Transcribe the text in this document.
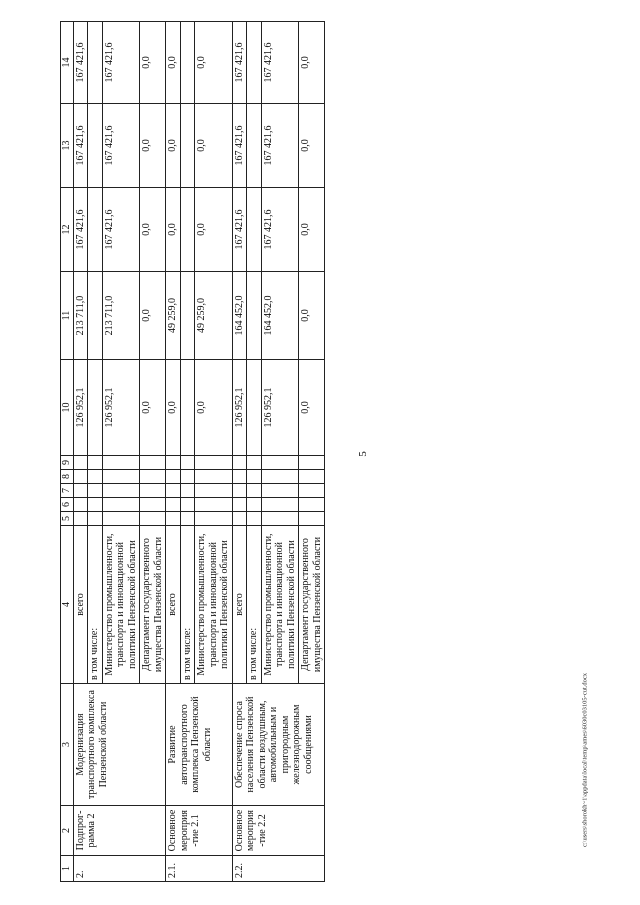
5
c:\users\shorokh~1\appdata\local\temp\ames\6030c03105-cut.docx
1	2	3	4	5	6	7	8	9	10	11	12	13	14
2.	Подпрог-рамма 2	Модернизация транспортного комплекса Пензенской области	всего						126 952,1	213 711,0	167 421,6	167 421,6	167 421,6
			в том числе:										
			Министерство промышленности, транспорта и инновационной политики Пензенской области						126 952,1	213 711,0	167 421,6	167 421,6	167 421,6
			Департамент государственного имущества Пензенской области						0,0	0,0	0,0	0,0	0,0
2.1.	Основное мероприя-тие 2.1	Развитие автотранспортного комплекса Пензенской области	всего						0,0	49 259,0	0,0	0,0	0,0
			в том числе:										
			Министерство промышленности, транспорта и инновационной политики Пензенской области						0,0	49 259,0	0,0	0,0	0,0
2.2.	Основное мероприя-тие 2.2	Обеспечение спроса населения Пензенской области воздушным, автомобильным и пригородным железнодорожным сообщениями	всего						126 952,1	164 452,0	167 421,6	167 421,6	167 421,6
			в том числе:										
			Министерство промышленности, транспорта и инновационной политики Пензенской области						126 952,1	164 452,0	167 421,6	167 421,6	167 421,6
			Департамент государственного имущества Пензенской области						0,0	0,0	0,0	0,0	0,0
